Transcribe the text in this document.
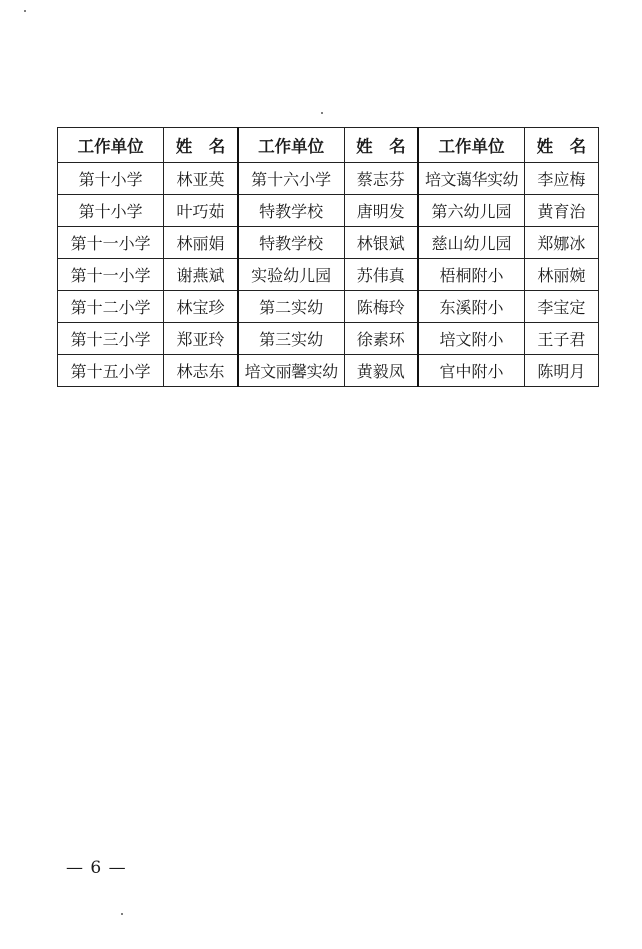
工作单位	姓　名	工作单位	姓　名	工作单位	姓　名
第十小学	林亚英	第十六小学	蔡志芬	培文蔼华实幼	李应梅
第十小学	叶巧茹	特教学校	唐明发	第六幼儿园	黄育治
第十一小学	林丽娟	特教学校	林银斌	慈山幼儿园	郑娜冰
第十一小学	谢燕斌	实验幼儿园	苏伟真	梧桐附小	林丽婉
第十二小学	林宝珍	第二实幼	陈梅玲	东溪附小	李宝定
第十三小学	郑亚玲	第三实幼	徐素环	培文附小	王子君
第十五小学	林志东	培文丽馨实幼	黄毅凤	官中附小	陈明月
— 6 —
